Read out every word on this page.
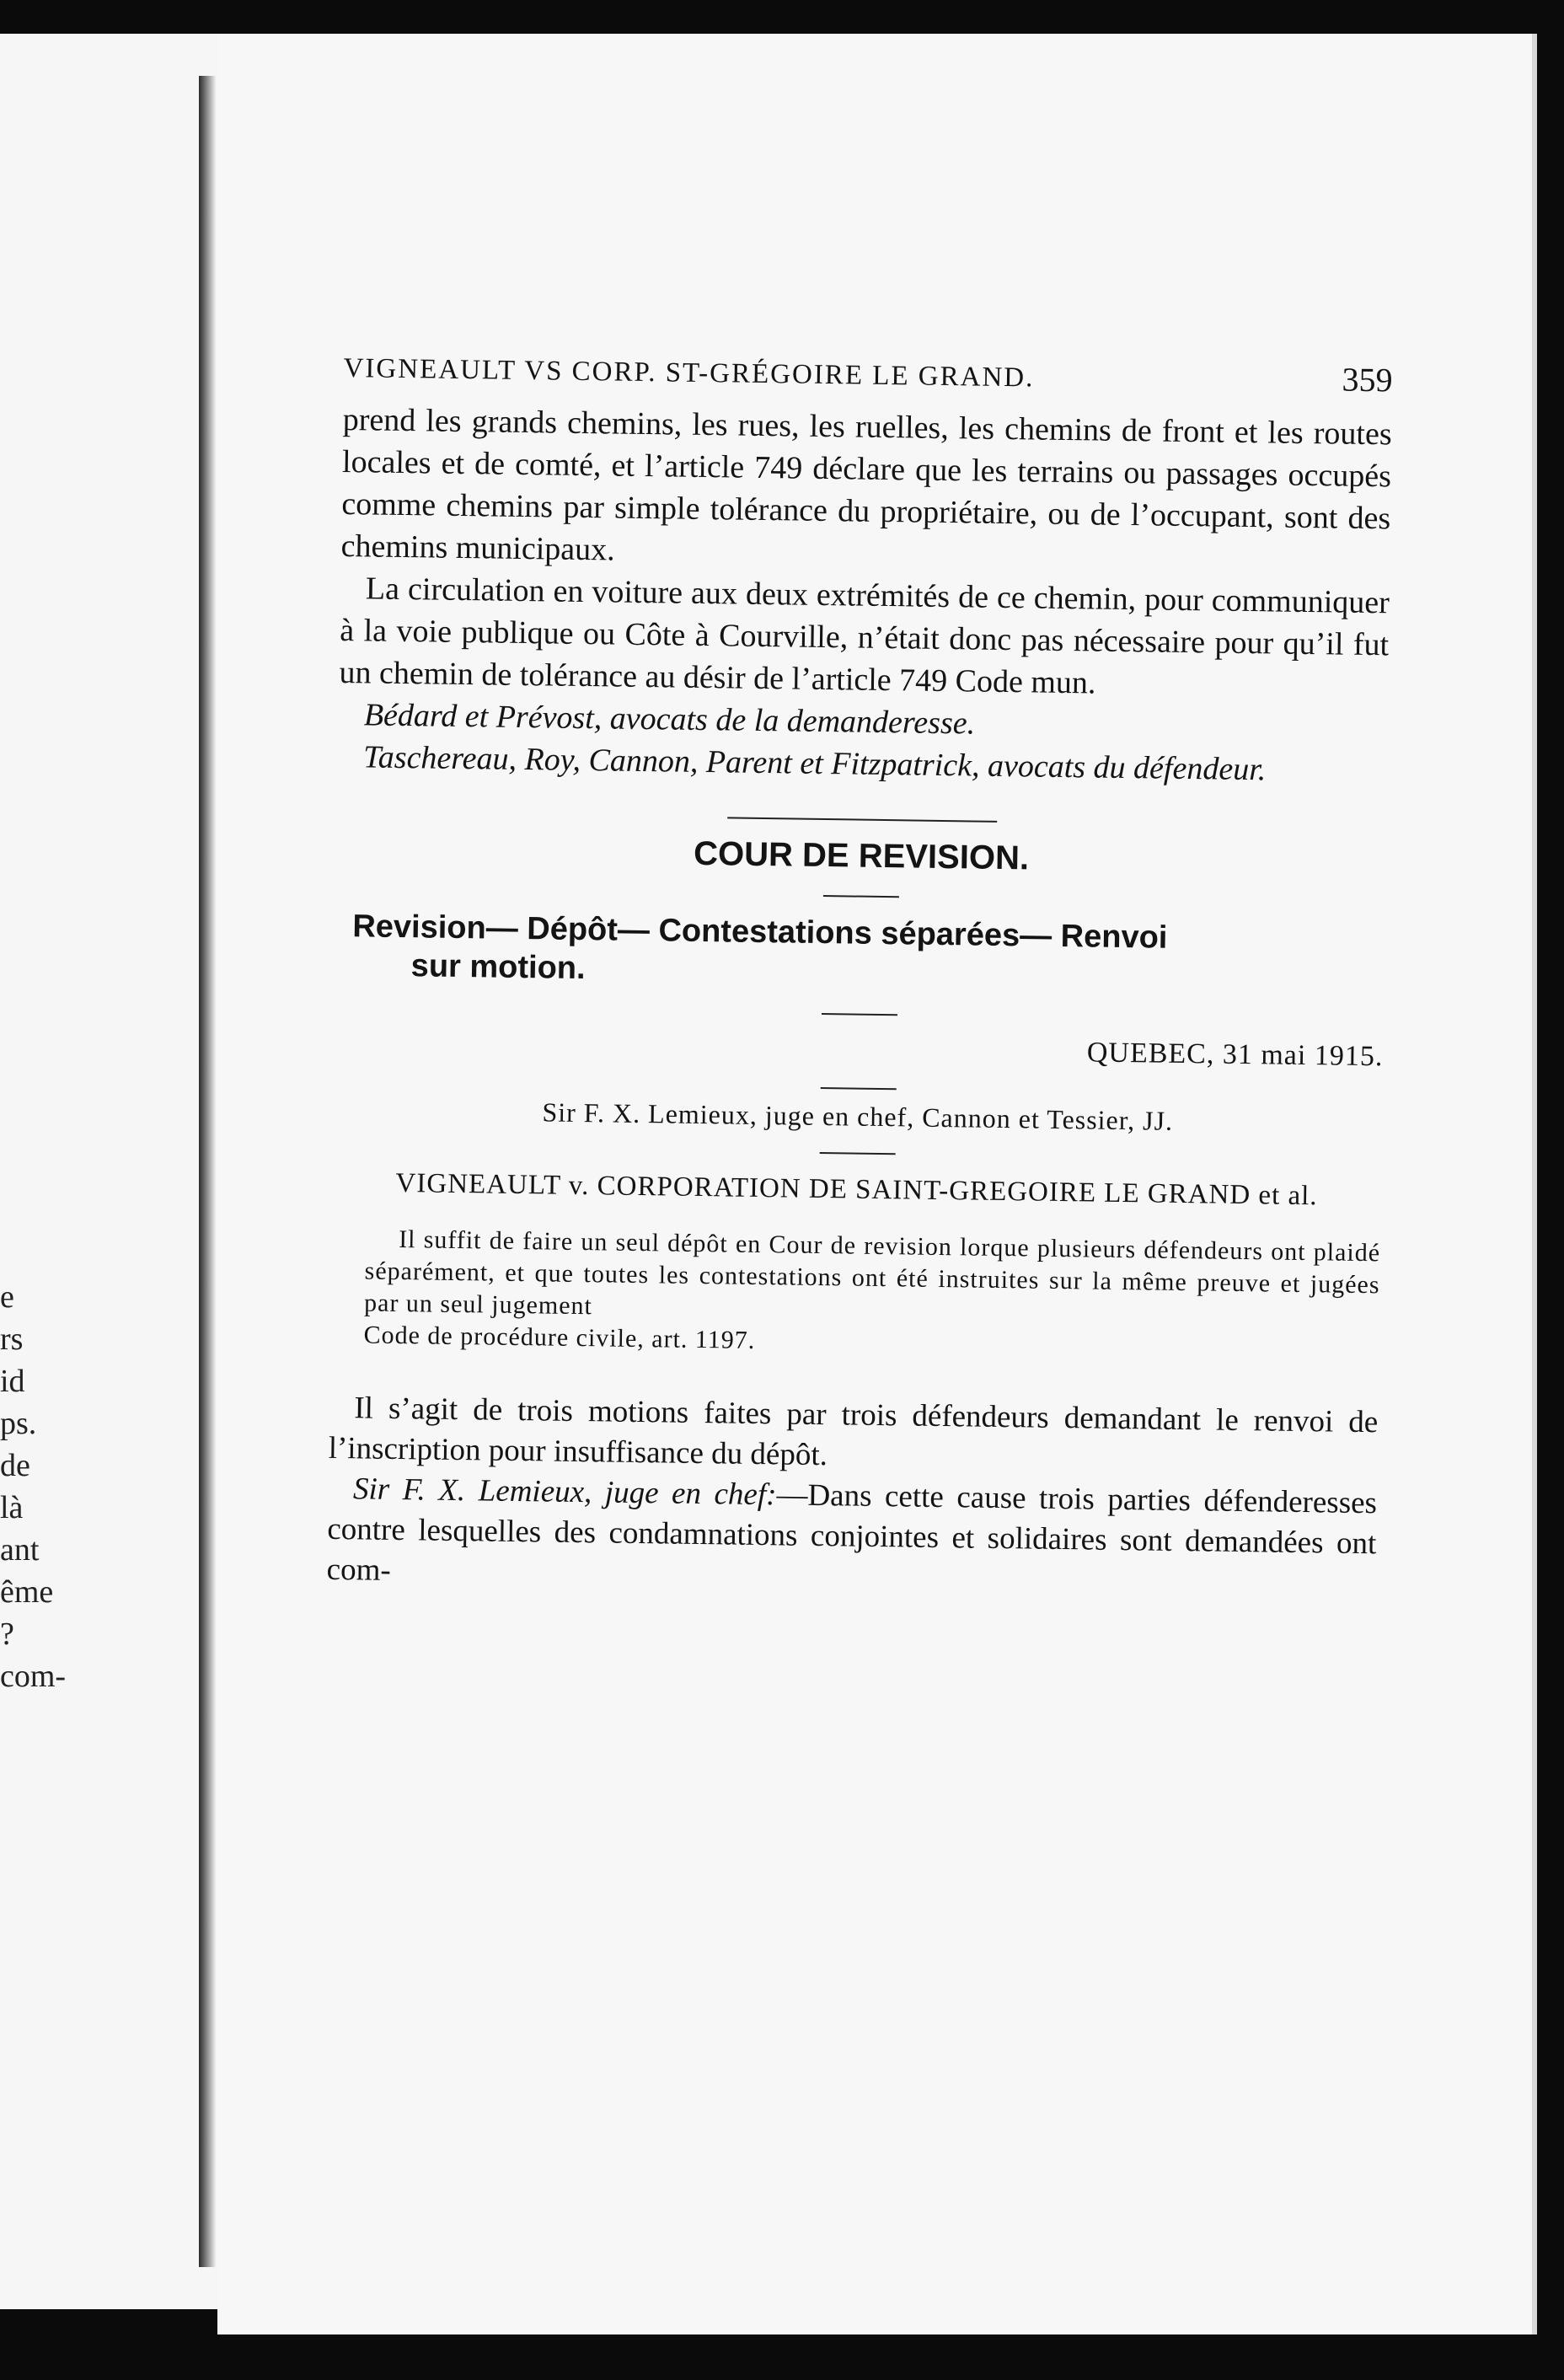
e
rs
id
ps.
de
là
ant
ême
?
com-
VIGNEAULT VS CORP. ST-GRÉGOIRE LE GRAND.	359

prend les grands chemins, les rues, les ruelles, les chemins de front et les routes locales et de comté, et l’article 749 déclare que les terrains ou passages occupés comme chemins par simple tolérance du propriétaire, ou de l’occupant, sont des chemins municipaux.

La circulation en voiture aux deux extrémités de ce chemin, pour communiquer à la voie publique ou Côte à Courville, n’était donc pas nécessaire pour qu’il fut un chemin de tolérance au désir de l’article 749 Code mun.

Bédard et Prévost, avocats de la demanderesse.

Taschereau, Roy, Cannon, Parent et Fitzpatrick, avocats du défendeur.

COUR DE REVISION.
Revision— Dépôt— Contestations séparées— Renvoi
sur motion.
QUEBEC, 31 mai 1915.
Sir F. X. Lemieux, juge en chef, Cannon et Tessier, JJ.
VIGNEAULT v. CORPORATION DE SAINT-GREGOIRE LE GRAND et al.
Il suffit de faire un seul dépôt en Cour de revision lorque plusieurs défendeurs ont plaidé séparément, et que toutes les contestations ont été instruites sur la même preuve et jugées par un seul jugement
Code de procédure civile, art. 1197.

Il s’agit de trois motions faites par trois défendeurs demandant le renvoi de l’inscription pour insuffisance du dépôt.

Sir F. X. Lemieux, juge en chef:—Dans cette cause trois parties défenderesses contre lesquelles des condamnations conjointes et solidaires sont demandées ont com-
